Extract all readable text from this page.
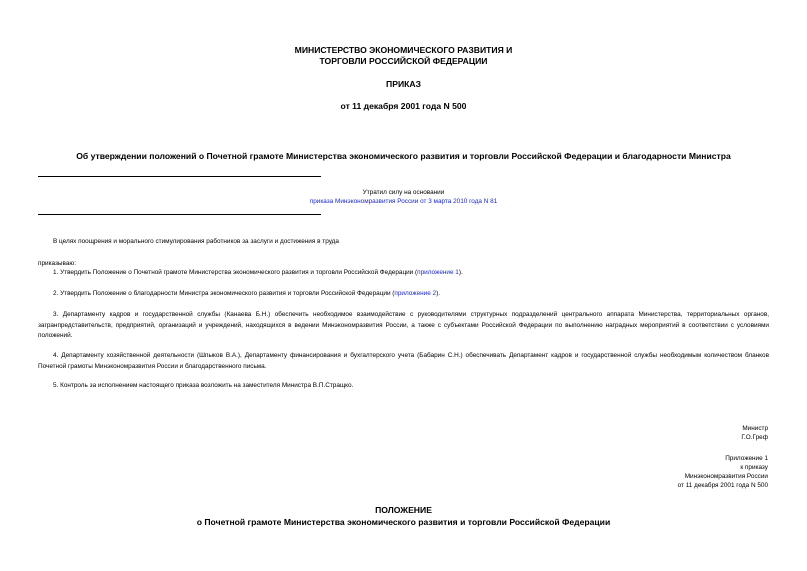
МИНИСТЕРСТВО ЭКОНОМИЧЕСКОГО РАЗВИТИЯ И
ТОРГОВЛИ РОССИЙСКОЙ ФЕДЕРАЦИИ
ПРИКАЗ
от 11 декабря 2001 года N 500
Об утверждении положений о Почетной грамоте Министерства экономического развития и торговли Российской Федерации и благодарности Министра
Утратил силу на основании
приказа Минэкономразвития России от 3 марта 2010 года N 81
В целях поощрения и морального стимулирования работников за заслуги и достижения в труда
приказываю:
1. Утвердить Положение о Почетной грамоте Министерства экономического развития и торговли Российской Федерации (приложение 1).
2. Утвердить Положение о благодарности Министра экономического развития и торговли Российской Федерации (приложение 2).
3. Департаменту кадров и государственной службы (Канаева Б.Н.) обеспечить необходимое взаимодействие с руководителями структурных подразделений центрального аппарата Министерства, территориальных органов, загранпредставительств, предприятий, организаций и учреждений, находящихся в ведении Минэкономразвития России, а также с субъектами Российской Федерации по выполнению наградных мероприятий в соответствии с условиями положений.
4. Департаменту хозяйственной деятельности (Шпыков В.А.), Департаменту финансирования и бухгалтерского учета (Бабарин С.Н.) обеспечивать Департамент кадров и государственной службы необходимым количеством бланков Почетной грамоты Минэкономразвития России и благодарственного письма.
5. Контроль за исполнением настоящего приказа возложить на заместителя Министра В.П.Стращко.
Министр
Г.О.Греф
Приложение 1
к приказу
Минэкономразвития России
от 11 декабря 2001 года N 500
ПОЛОЖЕНИЕ
о Почетной грамоте Министерства экономического развития и торговли Российской Федерации
